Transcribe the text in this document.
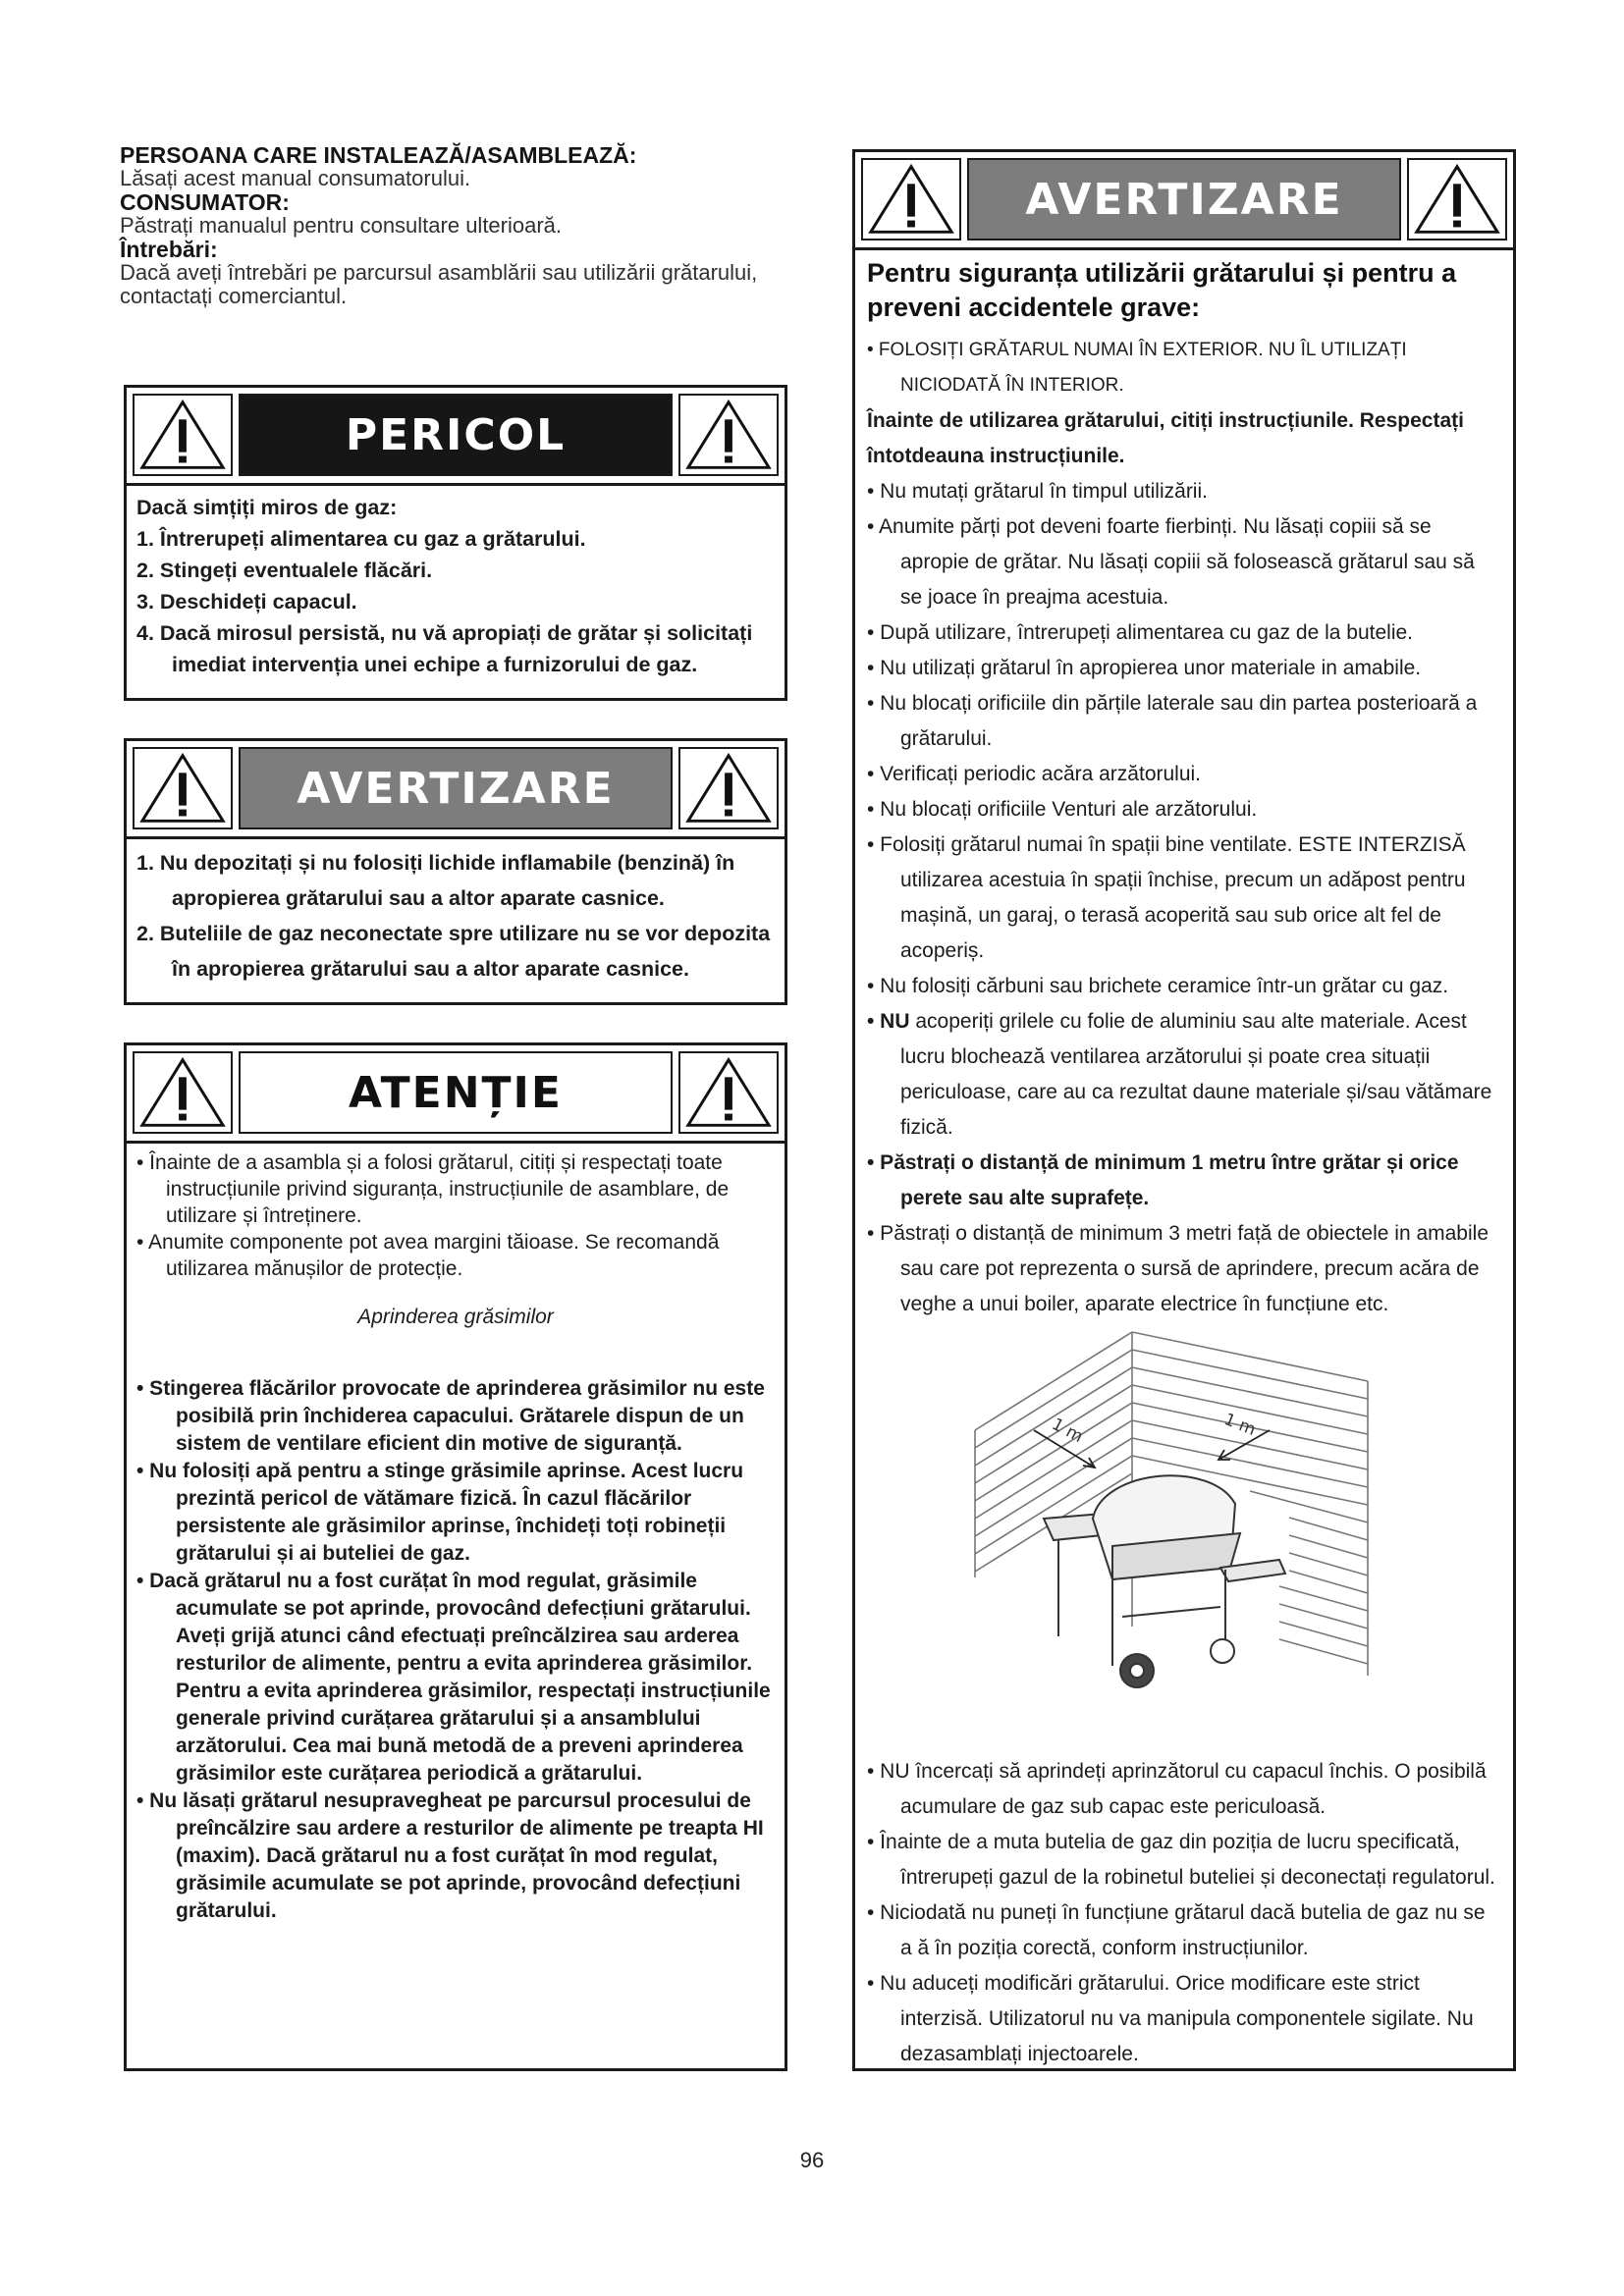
PERSOANA CARE INSTALEAZĂ/ASAMBLEAZĂ:
Lăsați acest manual consumatorului.
CONSUMATOR:
Păstrați manualul pentru consultare ulterioară.
Întrebări:
Dacă aveți întrebări pe parcursul asamblării sau utilizării grătarului, contactați comerciantul.
PERICOL
Dacă simțiți miros de gaz:
1. Întrerupeți alimentarea cu gaz a grătarului.
2. Stingeți eventualele flăcări.
3. Deschideți capacul.
4. Dacă mirosul persistă, nu vă apropiați de grătar și solicitați imediat intervenția unei echipe a furnizorului de gaz.
AVERTIZARE
1. Nu depozitați și nu folosiți lichide inflamabile (benzină) în apropierea grătarului sau a altor aparate casnice.
2. Buteliile de gaz neconectate spre utilizare nu se vor depozita în apropierea grătarului sau a altor aparate casnice.
ATENȚIE
• Înainte de a asambla și a folosi grătarul, citiți și respectați toate instrucțiunile privind siguranța, instrucțiunile de asamblare, de utilizare și întreținere.
• Anumite componente pot avea margini tăioase. Se recomandă utilizarea mănușilor de protecție.
Aprinderea grăsimilor
• Stingerea flăcărilor provocate de aprinderea grăsimilor nu este posibilă prin închiderea capacului. Grătarele dispun de un sistem de ventilare eficient din motive de siguranță.
• Nu folosiți apă pentru a stinge grăsimile aprinse. Acest lucru prezintă pericol de vătămare fizică. În cazul flăcărilor persistente ale grăsimilor aprinse, închideți toți robineții grătarului și ai buteliei de gaz.
• Dacă grătarul nu a fost curățat în mod regulat, grăsimile acumulate se pot aprinde, provocând defecțiuni grătarului. Aveți grijă atunci când efectuați preîncălzirea sau arderea resturilor de alimente, pentru a evita aprinderea grăsimilor. Pentru a evita aprinderea grăsimilor, respectați instrucțiunile generale privind curățarea grătarului și a ansamblului arzătorului. Cea mai bună metodă de a preveni aprinderea grăsimilor este curățarea periodică a grătarului.
• Nu lăsați grătarul nesupravegheat pe parcursul procesului de preîncălzire sau ardere a resturilor de alimente pe treapta HI (maxim). Dacă grătarul nu a fost curățat în mod regulat, grăsimile acumulate se pot aprinde, provocând defecțiuni grătarului.
AVERTIZARE
Pentru siguranța utilizării grătarului și pentru a preveni accidentele grave:
• FOLOSIȚI GRĂTARUL NUMAI ÎN EXTERIOR. NU ÎL UTILIZAȚI NICIODATĂ ÎN INTERIOR.
Înainte de utilizarea grătarului, citiți instrucțiunile. Respectați întotdeauna instrucțiunile.
• Nu mutați grătarul în timpul utilizării.
• Anumite părți pot deveni foarte fierbinți. Nu lăsați copiii să se apropie de grătar. Nu lăsați copiii să folosească grătarul sau să se joace în preajma acestuia.
• După utilizare, întrerupeți alimentarea cu gaz de la butelie.
• Nu utilizați grătarul în apropierea unor materiale in amabile.
• Nu blocați orificiile din părțile laterale sau din partea posterioară a grătarului.
• Verificați periodic acăra arzătorului.
• Nu blocați orificiile Venturi ale arzătorului.
• Folosiți grătarul numai în spații bine ventilate. ESTE INTERZISĂ utilizarea acestuia în spații închise, precum un adăpost pentru mașină, un garaj, o terasă acoperită sau sub orice alt fel de acoperiș.
• Nu folosiți cărbuni sau brichete ceramice într-un grătar cu gaz.
• NU acoperiți grilele cu folie de aluminiu sau alte materiale. Acest lucru blochează ventilarea arzătorului și poate crea situații periculoase, care au ca rezultat daune materiale și/sau vătămare fizică.
• Păstrați o distanță de minimum 1 metru între grătar și orice perete sau alte suprafețe.
• Păstrați o distanță de minimum 3 metri față de obiectele in amabile sau care pot reprezenta o sursă de aprindere, precum acăra de veghe a unui boiler, aparate electrice în funcțiune etc.
1 m	1 m
• NU încercați să aprindeți aprinzătorul cu capacul închis. O posibilă acumulare de gaz sub capac este periculoasă.
• Înainte de a muta butelia de gaz din poziția de lucru specificată, întrerupeți gazul de la robinetul buteliei și deconectați regulatorul.
• Niciodată nu puneți în funcțiune grătarul dacă butelia de gaz nu se a ă în poziția corectă, conform instrucțiunilor.
• Nu aduceți modificări grătarului. Orice modificare este strict interzisă. Utilizatorul nu va manipula componentele sigilate. Nu dezasamblați injectoarele.
96
